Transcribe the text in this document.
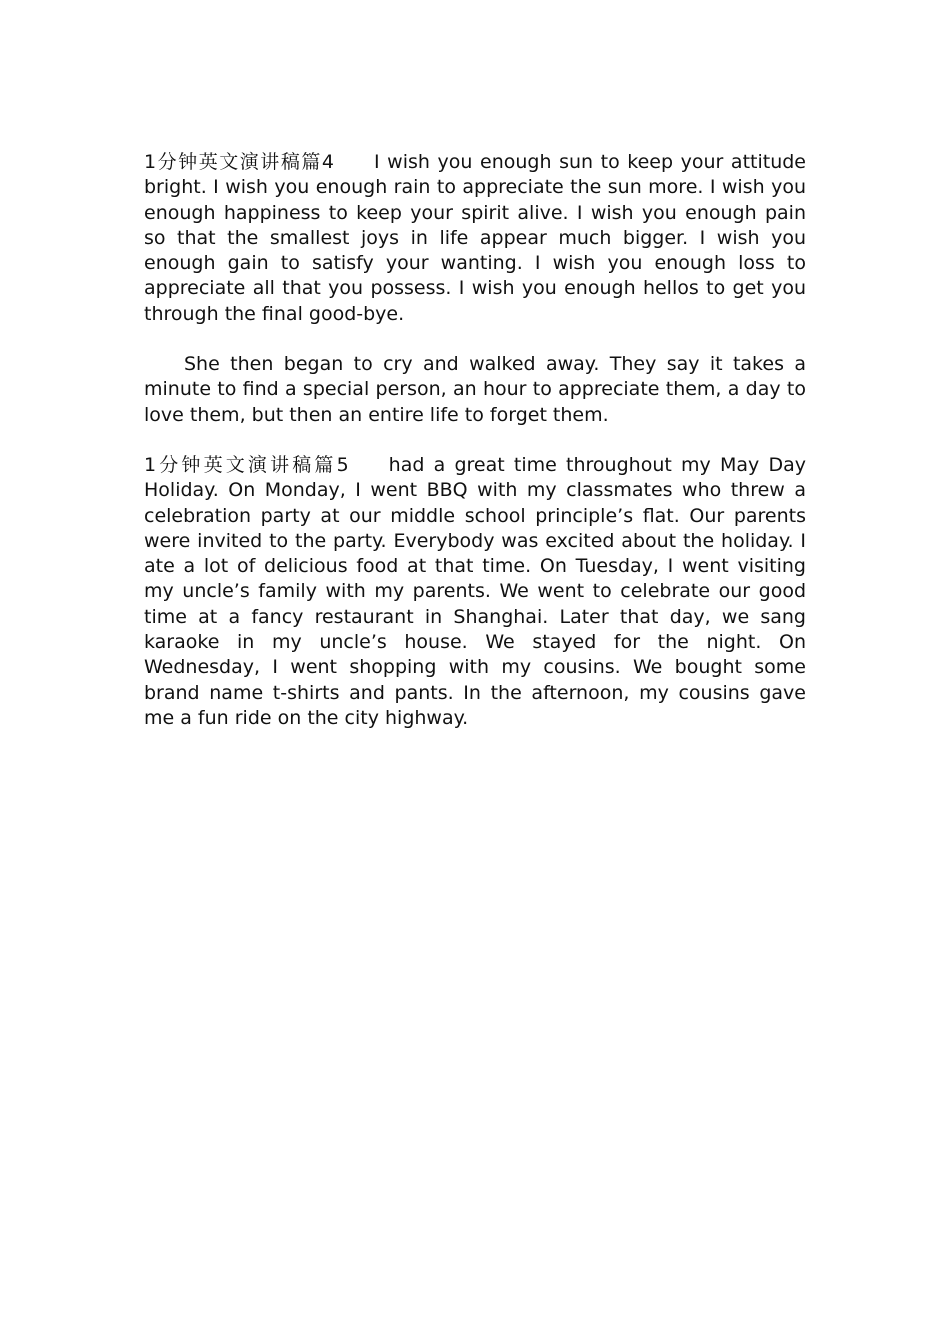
1分钟英文演讲稿篇4 I wish you enough sun to keep your attitude bright. I wish you enough rain to appreciate the sun more. I wish you enough happiness to keep your spirit alive. I wish you enough pain so that the smallest joys in life appear much bigger. I wish you enough gain to satisfy your wanting. I wish you enough loss to appreciate all that you possess. I wish you enough hellos to get you through the final good-bye.

She then began to cry and walked away. They say it takes a minute to find a special person, an hour to appreciate them, a day to love them, but then an entire life to forget them.

1分钟英文演讲稿篇5 had a great time throughout my May Day Holiday. On Monday, I went BBQ with my classmates who threw a celebration party at our middle school principle’s flat. Our parents were invited to the party. Everybody was excited about the holiday. I ate a lot of delicious food at that time. On Tuesday, I went visiting my uncle’s family with my parents. We went to celebrate our good time at a fancy restaurant in Shanghai. Later that day, we sang karaoke in my uncle’s house. We stayed for the night. On Wednesday, I went shopping with my cousins. We bought some brand name t-shirts and pants. In the afternoon, my cousins gave me a fun ride on the city highway.
